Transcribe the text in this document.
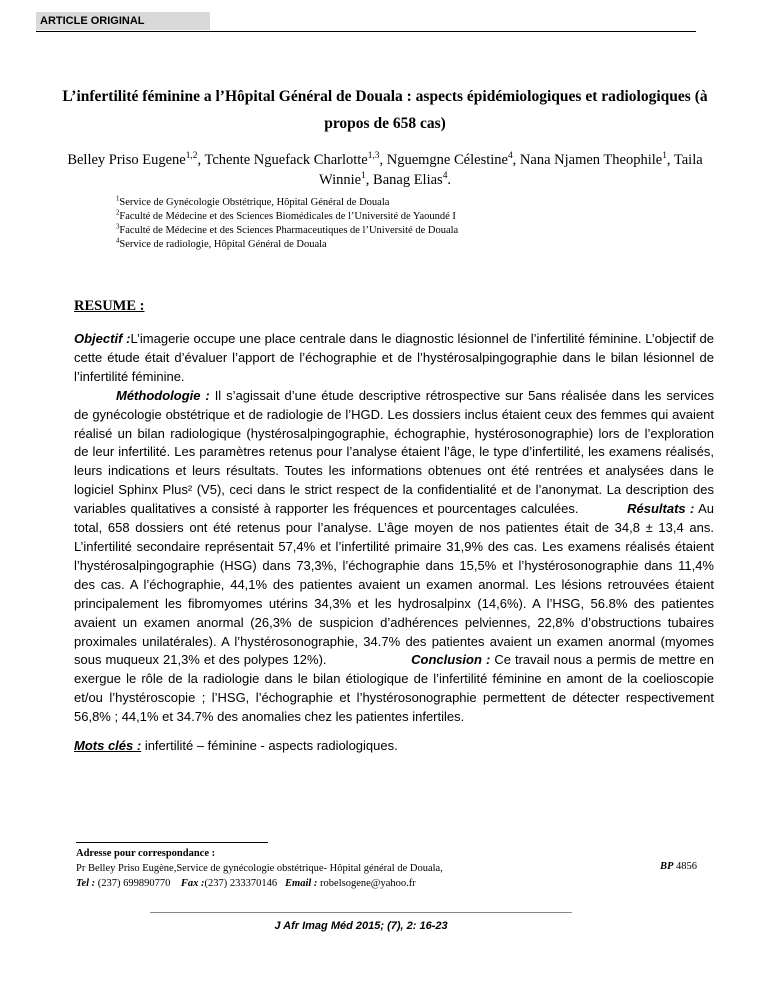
ARTICLE ORIGINAL
L’infertilité féminine a l’Hôpital Général de Douala : aspects épidémiologiques et radiologiques (à propos de 658 cas)
Belley Priso Eugene$^{1,2}$, Tchente Nguefack Charlotte$^{1,3}$, Nguemgne Célestine$^4$, Nana Njamen Theophile$^1$, Taila Winnie$^1$, Banag Elias$^4$.
$^1$Service de Gynécologie Obstétrique, Hôpital Général de Douala
$^2$Faculté de Médecine et des Sciences Biomédicales de l’Université de Yaoundé I
$^3$Faculté de Médecine et des Sciences Pharmaceutiques de l’Université de Douala
$^4$Service de radiologie, Hôpital Général de Douala
RESUME :

Objectif :L’imagerie occupe une place centrale dans le diagnostic lésionnel de l’infertilité féminine. L’objectif de cette étude était d’évaluer l’apport de l’échographie et de l’hystérosalpingographie dans le bilan lésionnel de l’infertilité féminine.

Méthodologie : Il s’agissait d’une étude descriptive rétrospective sur 5ans réalisée dans les services de gynécologie obstétrique et de radiologie de l’HGD. Les dossiers inclus étaient ceux des femmes qui avaient réalisé un bilan radiologique (hystérosalpingographie, échographie, hystérosonographie) lors de l’exploration de leur infertilité. Les paramètres retenus pour l’analyse étaient l’âge, le type d’infertilité, les examens réalisés, leurs indications et leurs résultats. Toutes les informations obtenues ont été rentrées et analysées dans le logiciel Sphinx Plus² (V5), ceci dans le strict respect de la confidentialité et de l’anonymat. La description des variables qualitatives a consisté à rapporter les fréquences et pourcentages calculées.	Résultats : Au total, 658 dossiers ont été retenus pour l’analyse. L’âge moyen de nos patientes était de 34,8 ± 13,4 ans. L’infertilité secondaire représentait 57,4% et l’infertilité primaire 31,9% des cas. Les examens réalisés étaient l’hystérosalpingographie (HSG) dans 73,3%, l’échographie dans 15,5% et l’hystérosonographie dans 11,4% des cas. A l’échographie, 44,1% des patientes avaient un examen anormal. Les lésions retrouvées étaient principalement les fibromyomes utérins 34,3% et les hydrosalpinx (14,6%). A l’HSG, 56.8% des patientes avaient un examen anormal (26,3% de suspicion d’adhérences pelviennes, 22,8% d’obstructions tubaires proximales unilatérales). A l’hystérosonographie, 34.7% des patientes avaient un examen anormal (myomes sous muqueux 21,3% et des polypes 12%).	Conclusion : Ce travail nous a permis de mettre en exergue le rôle de la radiologie dans le bilan étiologique de l’infertilité féminine en amont de la coelioscopie et/ou l’hystéroscopie ; l’HSG, l’échographie et l’hystérosonographie permettent de détecter respectivement 56,8% ; 44,1% et 34.7% des anomalies chez les patientes infertiles.

Mots clés : infertilité – féminine - aspects radiologiques.
Adresse pour correspondance :
Pr Belley Priso Eugène,Service de gynécologie obstétrique- Hôpital général de Douala,
Tel : (237) 699890770 Fax :(237) 233370146 Email : robelsogene@yahoo.fr
BP 4856
J Afr Imag Méd 2015; (7), 2: 16-23
